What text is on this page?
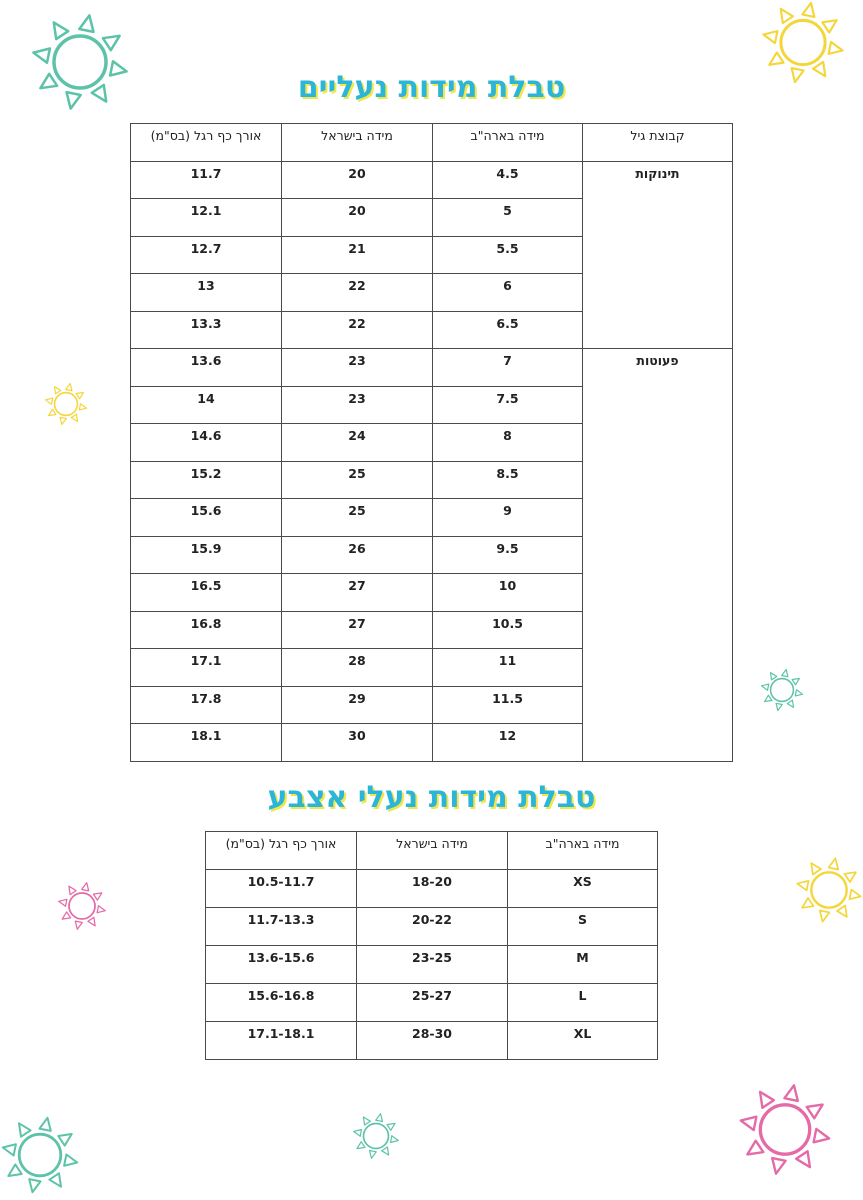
טבלת מידות נעליים
קבוצת גיל	מידה בארה"ב	מידה בישראל	אורך כף רגל (בס"מ)
תינוקות	4.5	20	11.7
	5	20	12.1
	5.5	21	12.7
	6	22	13
	6.5	22	13.3
פעוטות	7	23	13.6
	7.5	23	14
	8	24	14.6
	8.5	25	15.2
	9	25	15.6
	9.5	26	15.9
	10	27	16.5
	10.5	27	16.8
	11	28	17.1
	11.5	29	17.8
	12	30	18.1
טבלת מידות נעלי אצבע
מידה בארה"ב	מידה בישראל	אורך כף רגל (בס"מ)
XS	18-20	10.5-11.7
S	20-22	11.7-13.3
M	23-25	13.6-15.6
L	25-27	15.6-16.8
XL	28-30	17.1-18.1
